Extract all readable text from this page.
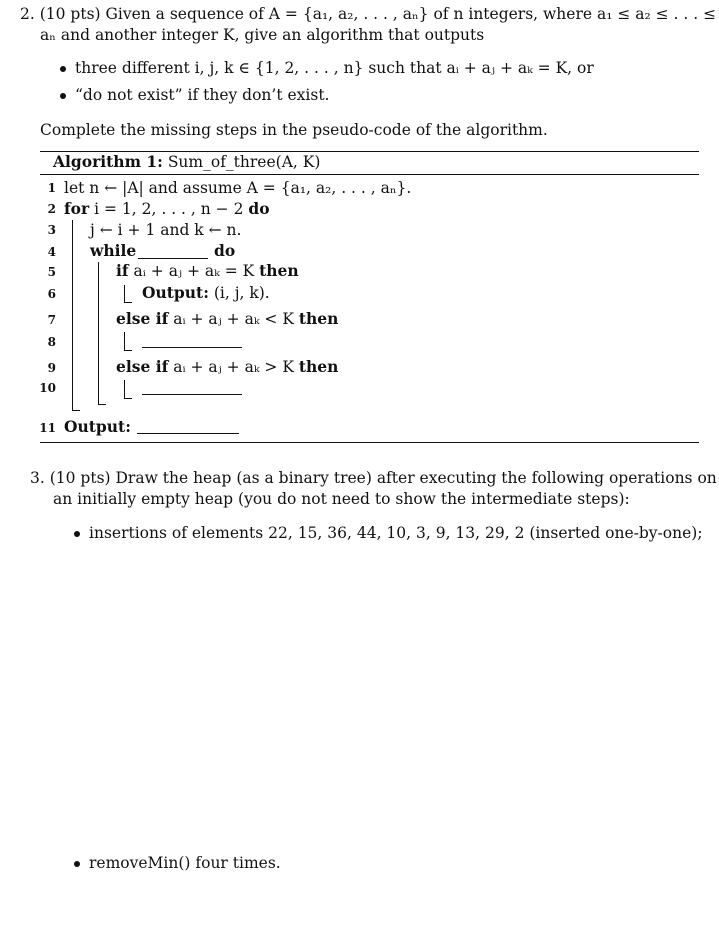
2. (10 pts) Given a sequence of A = {a₁, a₂, . . . , aₙ} of n integers, where a₁ ≤ a₂ ≤ . . . ≤
aₙ and another integer K, give an algorithm that outputs
three different i, j, k ∈ {1, 2, . . . , n} such that aᵢ + aⱼ + aₖ = K, or
“do not exist” if they don’t exist.
Complete the missing steps in the pseudo-code of the algorithm.
Algorithm 1: Sum_of_three(A, K)
1 let n ← |A| and assume A = {a₁, a₂, . . . , aₙ}.
2 for i = 1, 2, . . . , n − 2 do
3 j ← i + 1 and k ← n.
4 while	do
5	if aᵢ + aⱼ + aₖ = K then
6	Output: (i, j, k).
7	else if aᵢ + aⱼ + aₖ < K then
8
9	else if aᵢ + aⱼ + aₖ > K then
10
11 Output:
3. (10 pts) Draw the heap (as a binary tree) after executing the following operations on
an initially empty heap (you do not need to show the intermediate steps):
insertions of elements 22, 15, 36, 44, 10, 3, 9, 13, 29, 2 (inserted one-by-one);
removeMin() four times.
